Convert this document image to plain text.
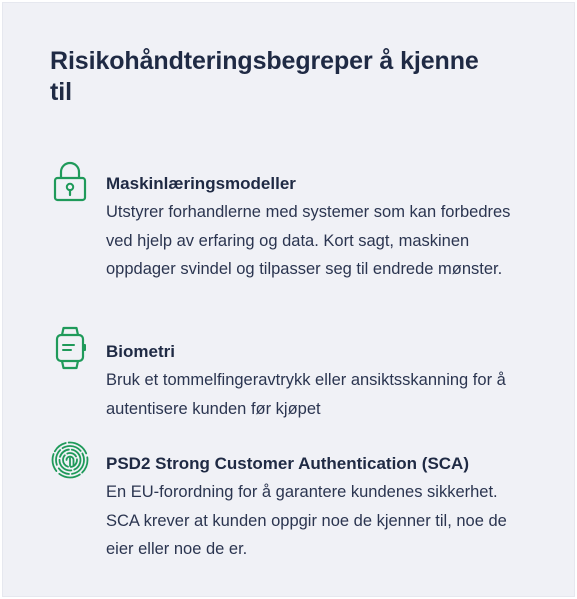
Risikohåndteringsbegreper å kjenne til

Maskinlæringsmodeller

Utstyrer forhandlerne med systemer som kan forbedres ved hjelp av erfaring og data. Kort sagt, maskinen oppdager svindel og tilpasser seg til endrede mønster.

Biometri

Bruk et tommelfingeravtrykk eller ansiktsskanning for å autentisere kunden før kjøpet

PSD2 Strong Customer Authentication (SCA)

En EU-forordning for å garantere kundenes sikkerhet. SCA krever at kunden oppgir noe de kjenner til, noe de eier eller noe de er.
